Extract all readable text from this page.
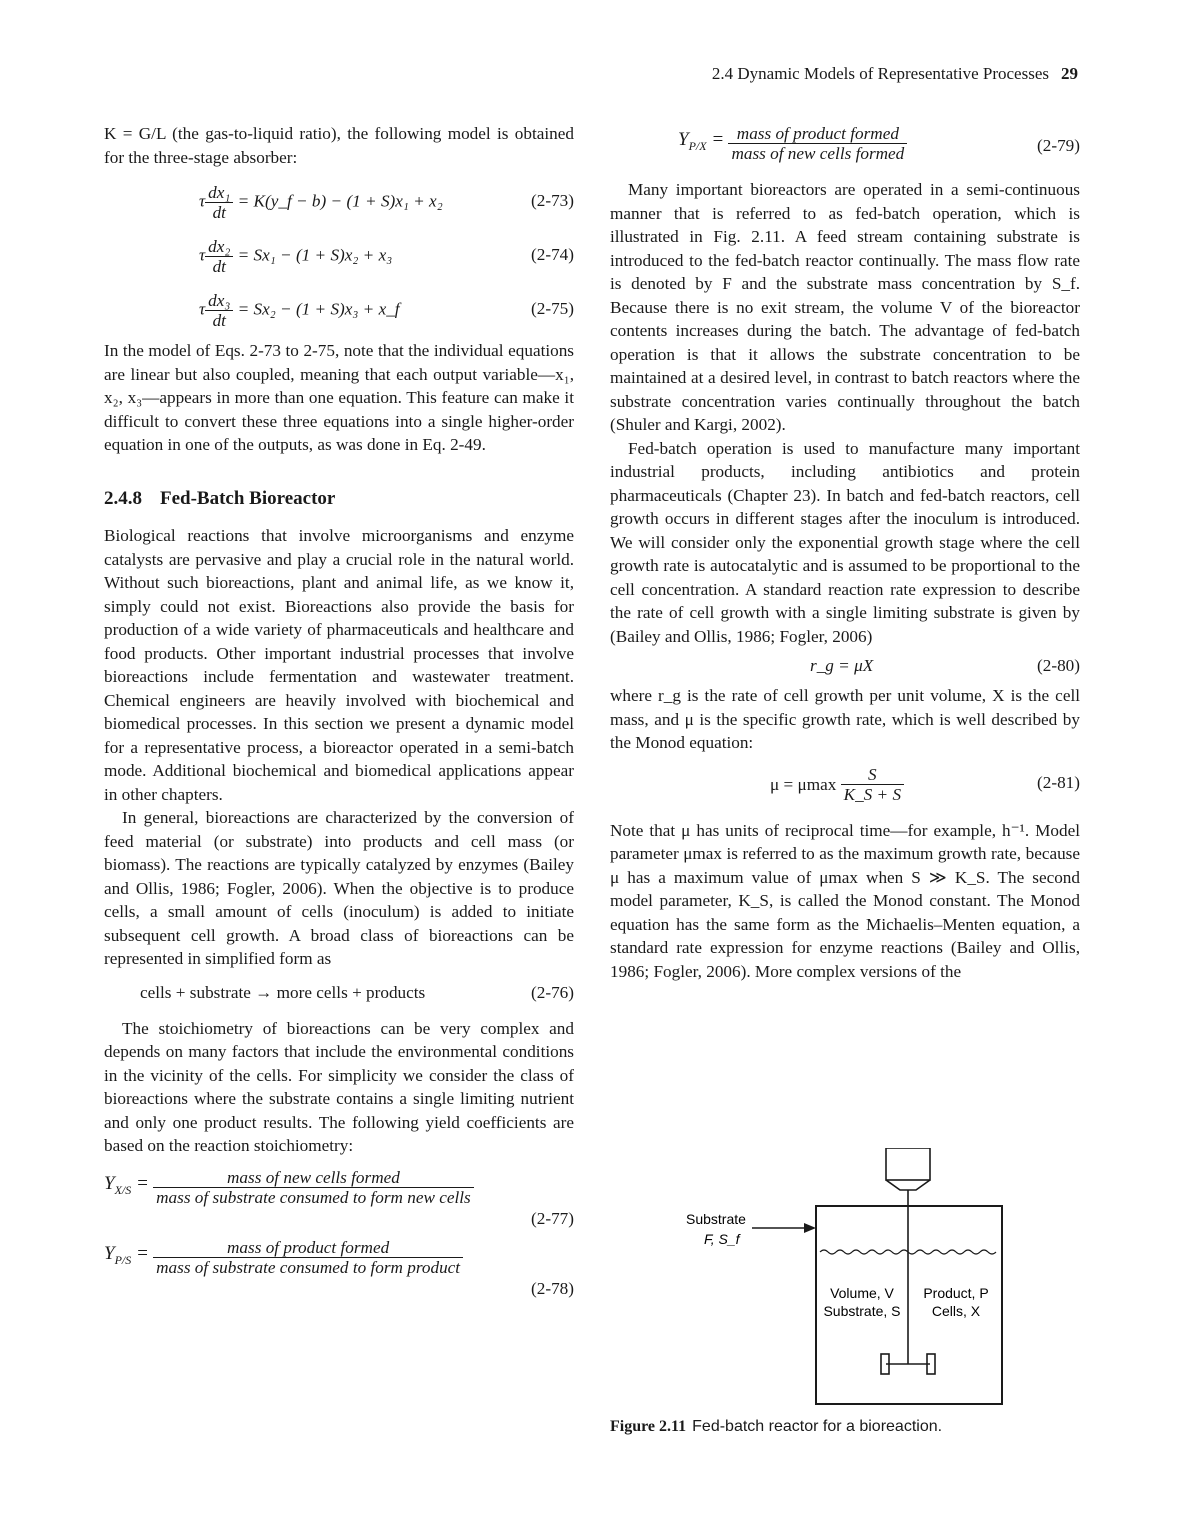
2.4 Dynamic Models of Representative Processes 29

K = G/L (the gas-to-liquid ratio), the following model is obtained for the three-stage absorber:

τ $\frac{\text{dx₁}}{dt}$ = K(y_f − b) − (1 + S)x₁ + x₂	(2-73)
τ $\frac{\text{dx₂}}{dt} = Sx_1 - (1 + S)x_2 + x_3$	(2-74)
τ $\frac{\text{dx₃}}{dt} = Sx_2 - (1 + S)x_3$ + x_f	(2-75)

In the model of Eqs. 2-73 to 2-75, note that the individual equations are linear but also coupled, meaning that each output variable—x₁, x₂, x₃—appears in more than one equation. This feature can make it difficult to convert these three equations into a single higher-order equation in one of the outputs, as was done in Eq. 2-49.

2.4.8 Fed-Batch Bioreactor

Biological reactions that involve microorganisms and enzyme catalysts are pervasive and play a crucial role in the natural world. Without such bioreactions, plant and animal life, as we know it, simply could not exist. Bioreactions also provide the basis for production of a wide variety of pharmaceuticals and healthcare and food products. Other important industrial processes that involve bioreactions include fermentation and wastewater treatment. Chemical engineers are heavily involved with biochemical and biomedical processes. In this section we present a dynamic model for a representative process, a bioreactor operated in a semi-batch mode. Additional biochemical and biomedical applications appear in other chapters.

In general, bioreactions are characterized by the conversion of feed material (or substrate) into products and cell mass (or biomass). The reactions are typically catalyzed by enzymes (Bailey and Ollis, 1986; Fogler, 2006). When the objective is to produce cells, a small amount of cells (inoculum) is added to initiate subsequent cell growth. A broad class of bioreactions can be represented in simplified form as

cells + substrate → more cells + products	(2-76)

The stoichiometry of bioreactions can be very complex and depends on many factors that include the environmental conditions in the vicinity of the cells. For simplicity we consider the class of bioreactions where the substrate contains a single limiting nutrient and only one product results. The following yield coefficients are based on the reaction stoichiometry:

$Y_{X/S} = \frac{\text{mass of new cells formed}}{\text{mass of substrate consumed to form new cells}}$
(2-77)
$Y_{P/S} = \frac{\text{mass of product formed}}{\text{mass of substrate consumed to form product}}$
(2-78)
$Y_{P/X} = \frac{\text{mass of product formed}}{\text{mass of new cells formed}}$	(2-79)

Many important bioreactors are operated in a semi-continuous manner that is referred to as fed-batch operation, which is illustrated in Fig. 2.11. A feed stream containing substrate is introduced to the fed-batch reactor continually. The mass flow rate is denoted by F and the substrate mass concentration by S_f. Because there is no exit stream, the volume V of the bioreactor contents increases during the batch. The advantage of fed-batch operation is that it allows the substrate concentration to be maintained at a desired level, in contrast to batch reactors where the substrate concentration varies continually throughout the batch (Shuler and Kargi, 2002).

Fed-batch operation is used to manufacture many important industrial products, including antibiotics and protein pharmaceuticals (Chapter 23). In batch and fed-batch reactors, cell growth occurs in different stages after the inoculum is introduced. We will consider only the exponential growth stage where the cell growth rate is autocatalytic and is assumed to be proportional to the cell concentration. A standard reaction rate expression to describe the rate of cell growth with a single limiting substrate is given by (Bailey and Ollis, 1986; Fogler, 2006)

r_g = μX	(2-80)

where r_g is the rate of cell growth per unit volume, X is the cell mass, and μ is the specific growth rate, which is well described by the Monod equation:

μ = μmax $\frac{S}{K\_S + S}$	(2-81)

Note that μ has units of reciprocal time—for example, h⁻¹. Model parameter μmax is referred to as the maximum growth rate, because μ has a maximum value of μmax when S ≫ K_S. The second model parameter, K_S, is called the Monod constant. The Monod equation has the same form as the Michaelis–Menten equation, a standard rate expression for enzyme reactions (Bailey and Ollis, 1986; Fogler, 2006). More complex versions of the

Substrate
F, S_f
Volume, V
Substrate, S
Product, P
Cells, X
Figure 2.11 Fed-batch reactor for a bioreaction.
